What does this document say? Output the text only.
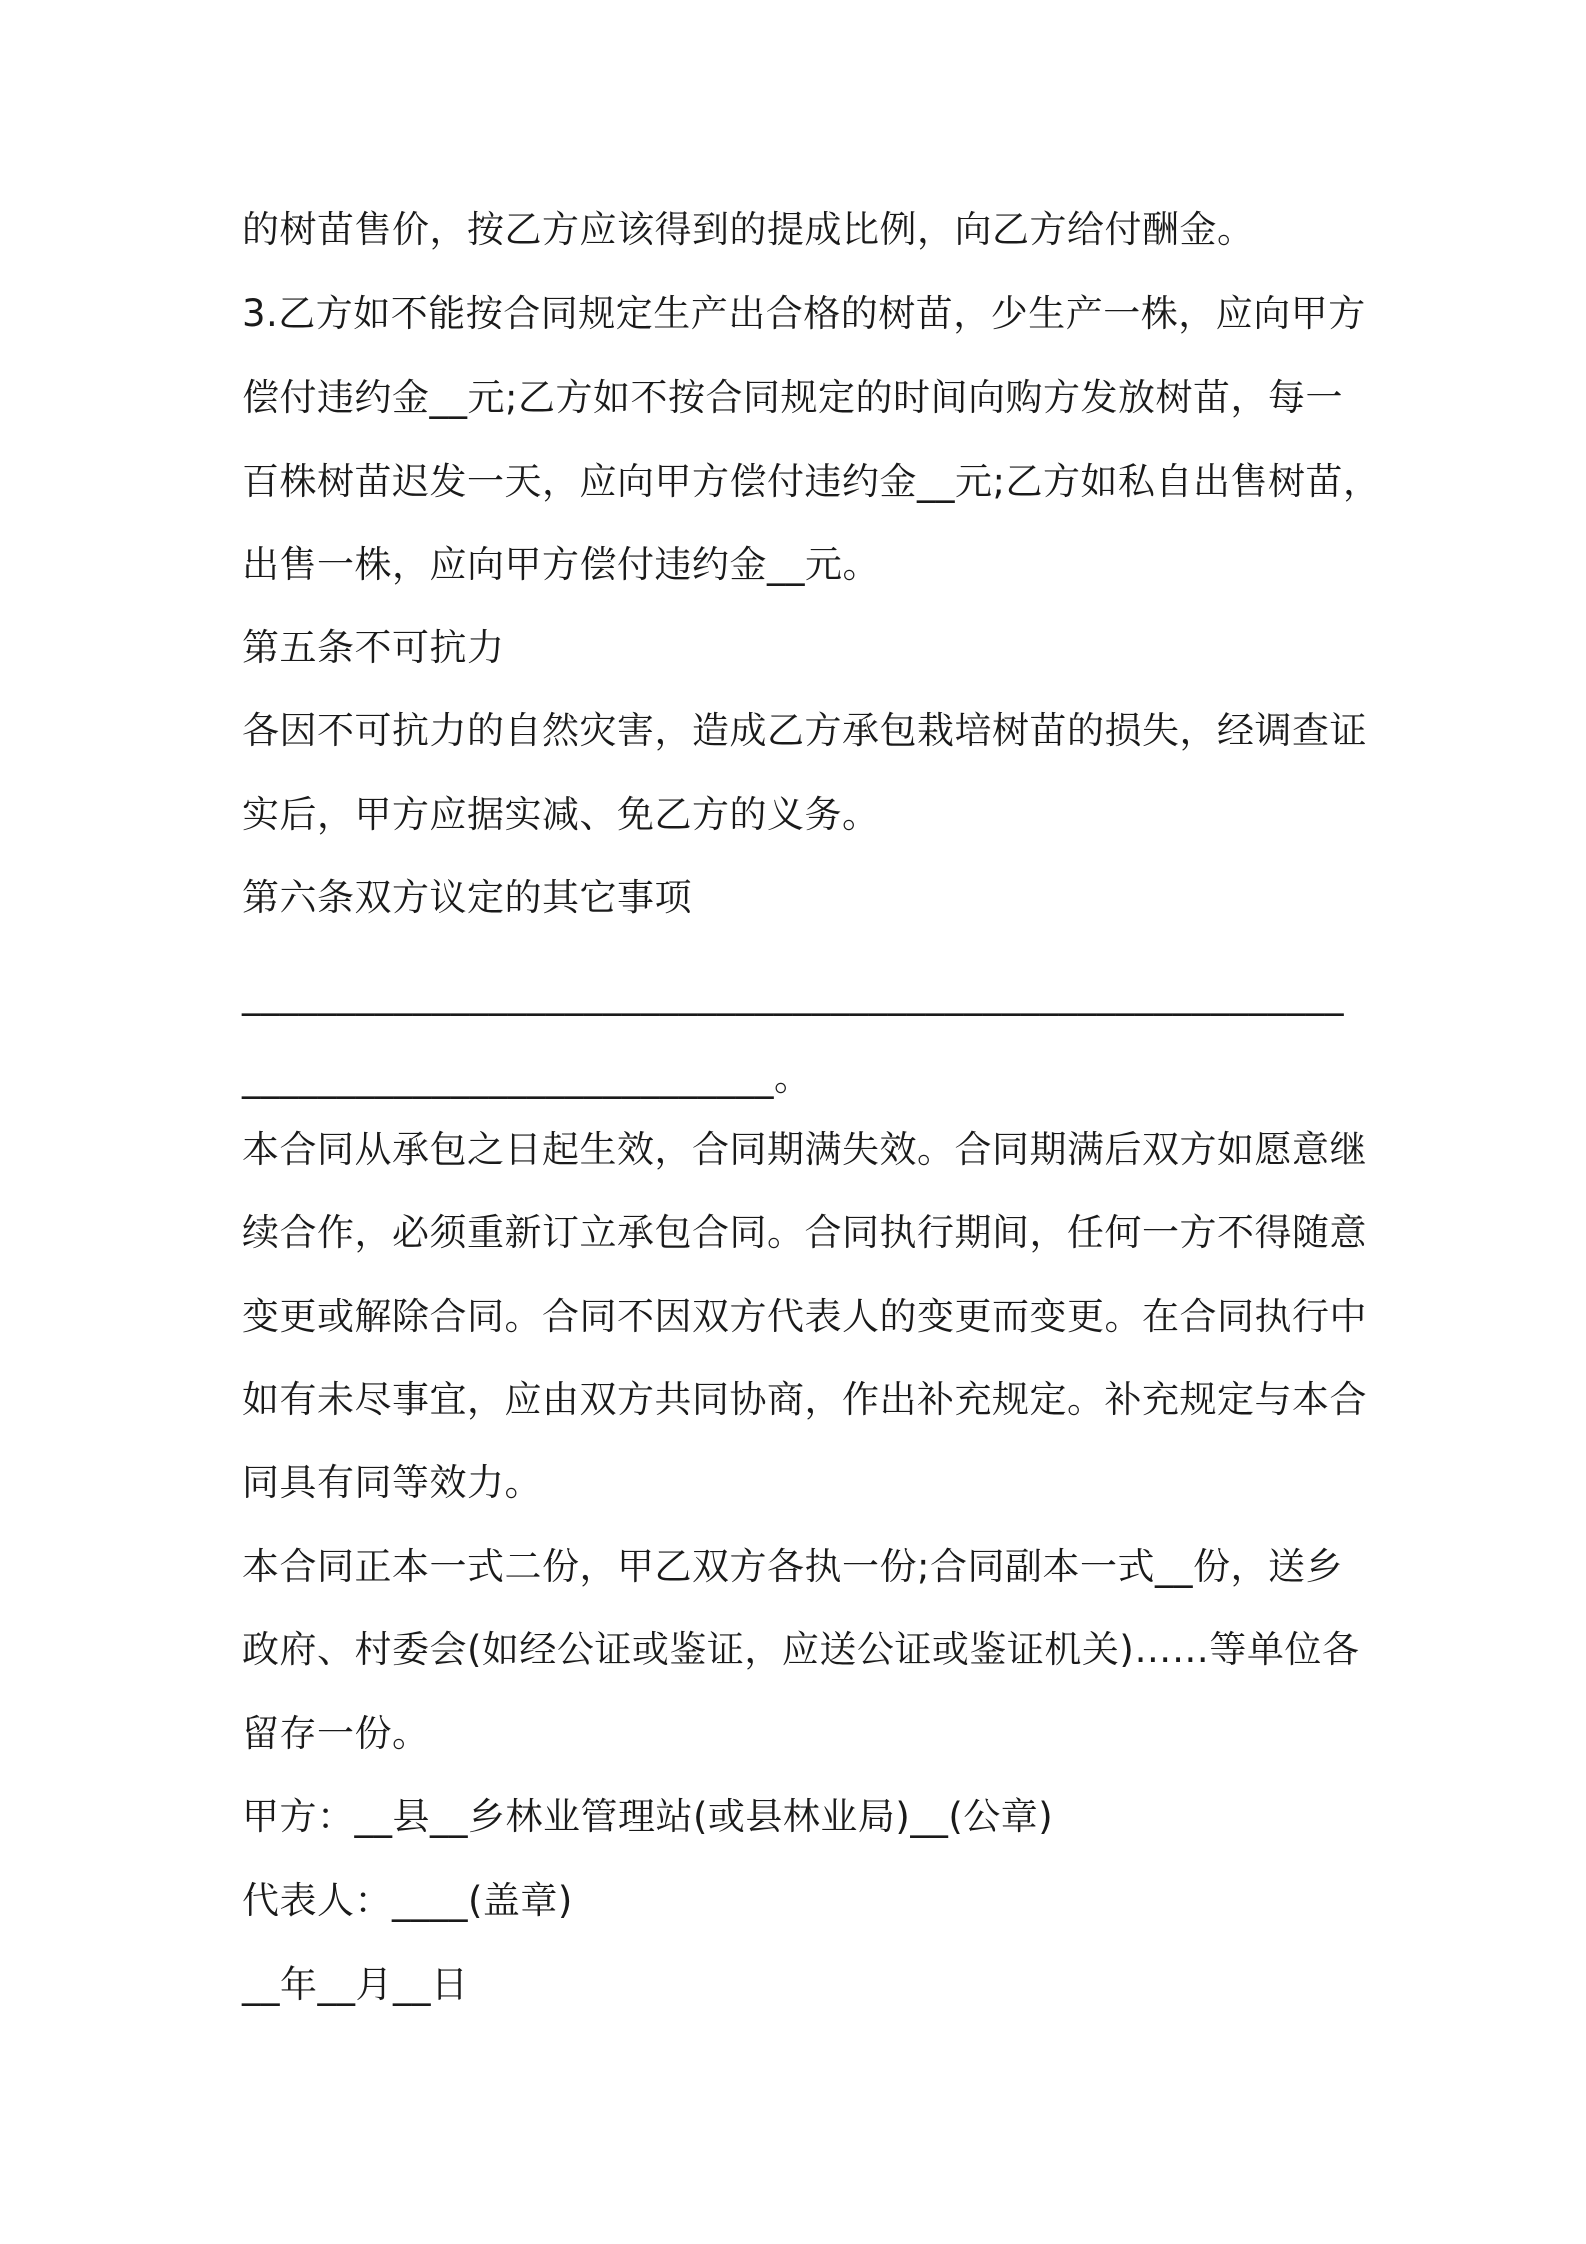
的树苗售价，按乙方应该得到的提成比例，向乙方给付酬金。
3.乙方如不能按合同规定生产出合格的树苗，少生产一株，应向甲方
偿付违约金__元;乙方如不按合同规定的时间向购方发放树苗，每一
百株树苗迟发一天，应向甲方偿付违约金__元;乙方如私自出售树苗，
出售一株，应向甲方偿付违约金__元。
第五条不可抗力
各因不可抗力的自然灾害，造成乙方承包栽培树苗的损失，经调查证
实后，甲方应据实减、免乙方的义务。
第六条双方议定的其它事项
__________________________________________________________
____________________________。
本合同从承包之日起生效，合同期满失效。合同期满后双方如愿意继
续合作，必须重新订立承包合同。合同执行期间，任何一方不得随意
变更或解除合同。合同不因双方代表人的变更而变更。在合同执行中
如有未尽事宜，应由双方共同协商，作出补充规定。补充规定与本合
同具有同等效力。
本合同正本一式二份，甲乙双方各执一份;合同副本一式__份，送乡
政府、村委会(如经公证或鉴证，应送公证或鉴证机关)……等单位各
留存一份。
甲方：__县__乡林业管理站(或县林业局)__(公章)
代表人：____(盖章)
__年__月__日
